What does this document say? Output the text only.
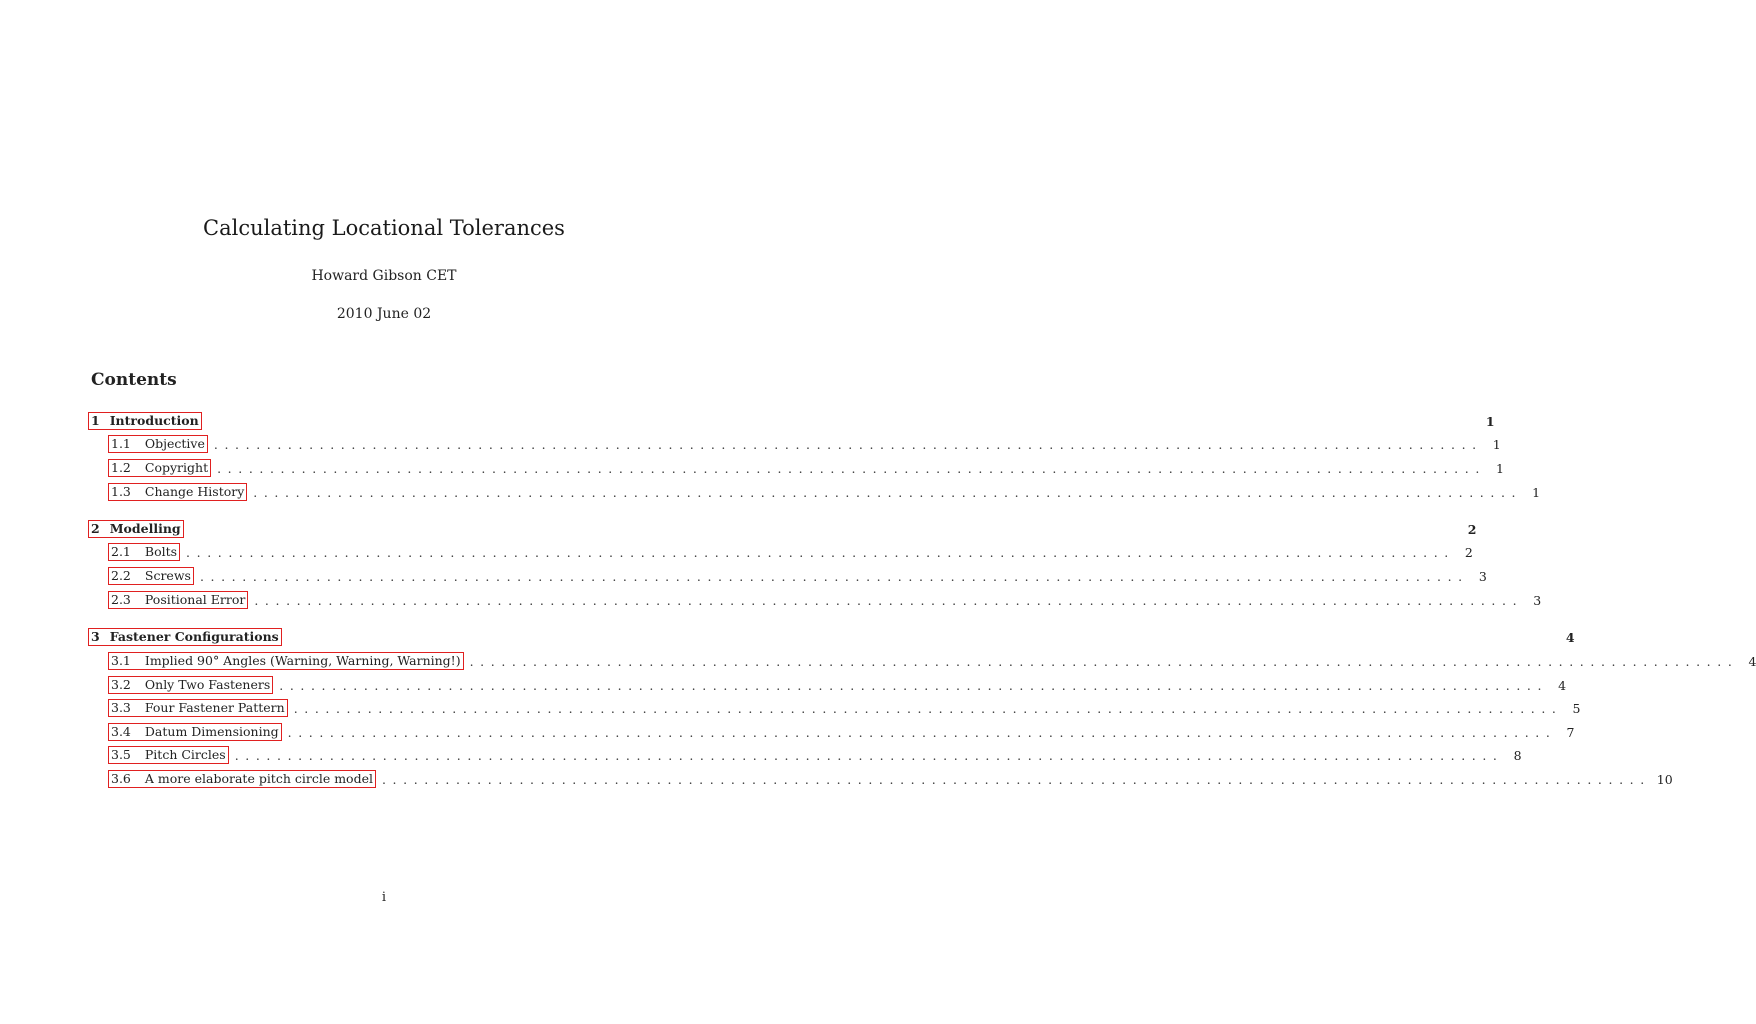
Calculating Locational Tolerances
Howard Gibson CET
2010 June 02
Contents
1 Introduction	1
1.1 Objective ........................................................................................................................ 1
1.2 Copyright ........................................................................................................................ 1
1.3 Change History ........................................................................................................................ 1
2 Modelling	2
2.1 Bolts ........................................................................................................................ 2
2.2 Screws ........................................................................................................................ 3
2.3 Positional Error ........................................................................................................................ 3
3 Fastener Configurations	4
3.1 Implied 90° Angles (Warning, Warning, Warning!) ........................................................................................................................ 4
3.2 Only Two Fasteners ........................................................................................................................ 4
3.3 Four Fastener Pattern ........................................................................................................................ 5
3.4 Datum Dimensioning ........................................................................................................................ 7
3.5 Pitch Circles ........................................................................................................................ 8
3.6 A more elaborate pitch circle model ........................................................................................................................ 10
i
